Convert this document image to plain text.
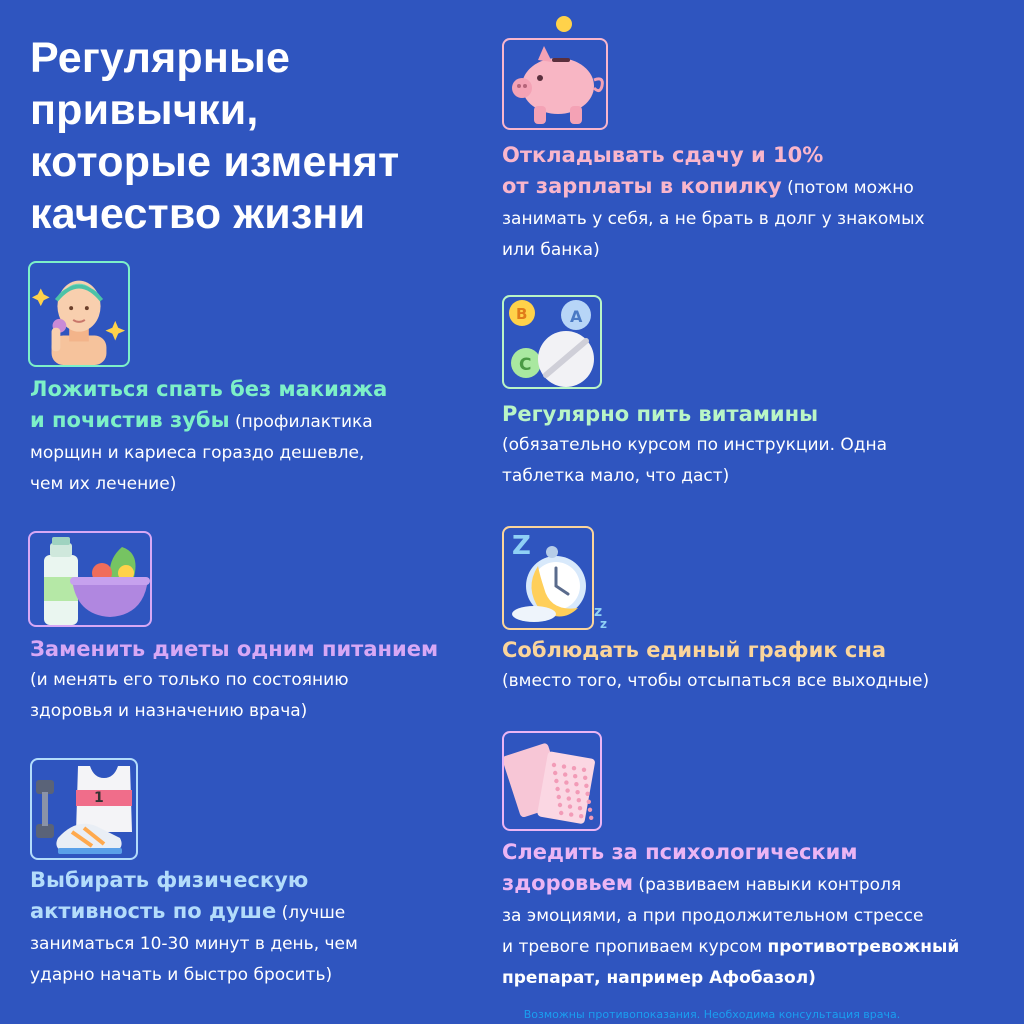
Регулярные
привычки,
которые изменят
качество жизни
Ложиться спать без макияжа
и почистив зубы (профилактика
морщин и кариеса гораздо дешевле,
чем их лечение)
Заменить диеты одним питанием
(и менять его только по состоянию
здоровья и назначению врача)
1
Выбирать физическую
активность по душе (лучше
заниматься 10-30 минут в день, чем
ударно начать и быстро бросить)
Откладывать сдачу и 10%
от зарплаты в копилку (потом можно
занимать у себя, а не брать в долг у знакомых
или банка)
B	A
C
Регулярно пить витамины
(обязательно курсом по инструкции. Одна
таблетка мало, что даст)
Z
z
z
Соблюдать единый график сна
(вместо того, чтобы отсыпаться все выходные)
Следить за психологическим
здоровьем (развиваем навыки контроля
за эмоциями, а при продолжительном стрессе
и тревоге пропиваем курсом противотревожный
препарат, например Афобазол)
Возможны противопоказания. Необходима консультация врача.
